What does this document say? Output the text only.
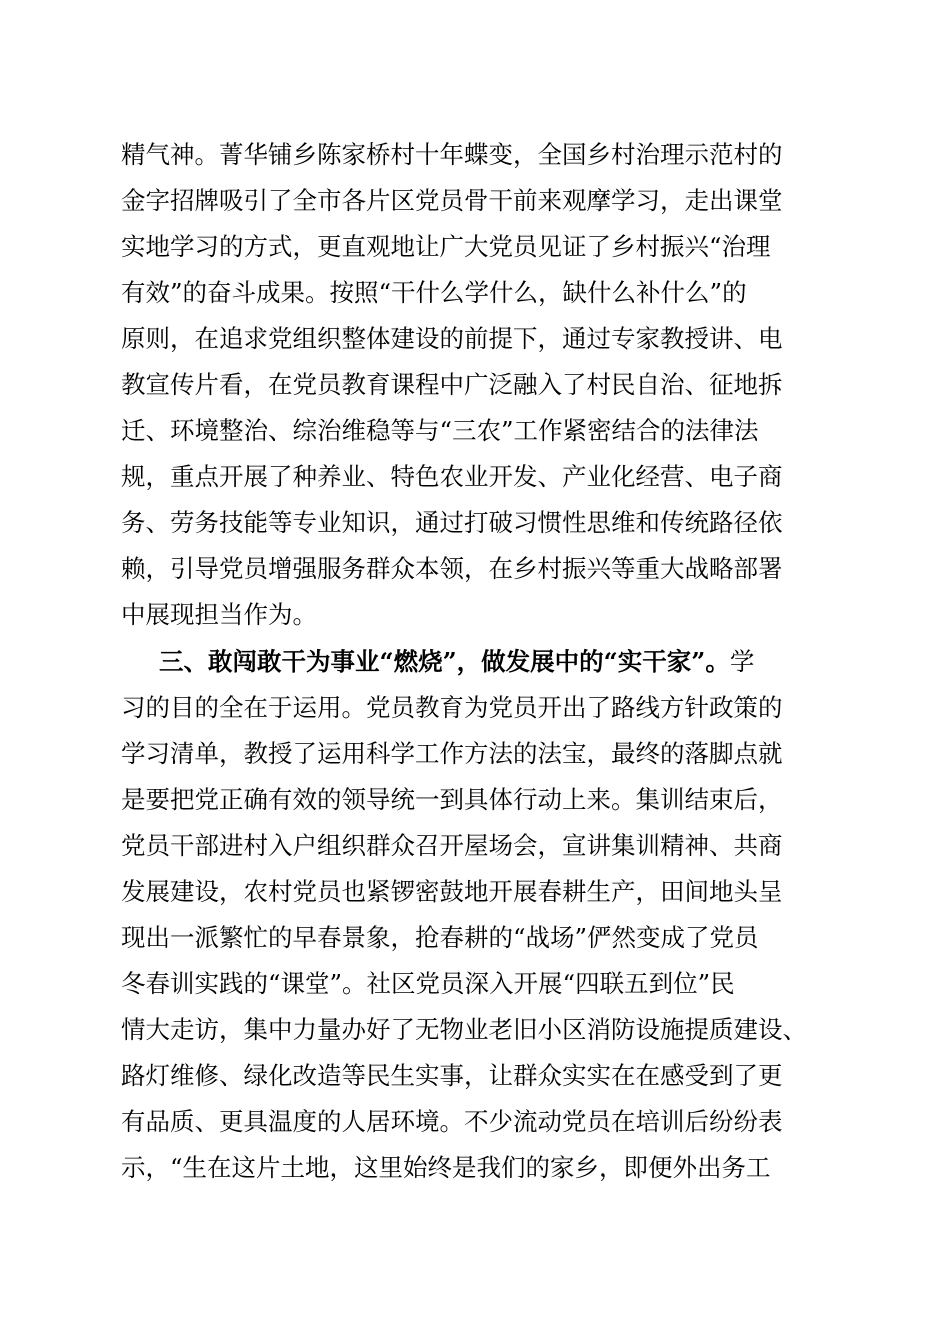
精气神。菁华铺乡陈家桥村十年蝶变，全国乡村治理示范村的
金字招牌吸引了全市各片区党员骨干前来观摩学习，走出课堂
实地学习的方式，更直观地让广大党员见证了乡村振兴“治理
有效”的奋斗成果。按照“干什么学什么，缺什么补什么”的
原则，在追求党组织整体建设的前提下，通过专家教授讲、电
教宣传片看，在党员教育课程中广泛融入了村民自治、征地拆
迁、环境整治、综治维稳等与“三农”工作紧密结合的法律法
规，重点开展了种养业、特色农业开发、产业化经营、电子商
务、劳务技能等专业知识，通过打破习惯性思维和传统路径依
赖，引导党员增强服务群众本领，在乡村振兴等重大战略部署
中展现担当作为。
三、敢闯敢干为事业“燃烧”，做发展中的“实干家”。学
习的目的全在于运用。党员教育为党员开出了路线方针政策的
学习清单，教授了运用科学工作方法的法宝，最终的落脚点就
是要把党正确有效的领导统一到具体行动上来。集训结束后，
党员干部进村入户组织群众召开屋场会，宣讲集训精神、共商
发展建设，农村党员也紧锣密鼓地开展春耕生产，田间地头呈
现出一派繁忙的早春景象，抢春耕的“战场”俨然变成了党员
冬春训实践的“课堂”。社区党员深入开展“四联五到位”民
情大走访，集中力量办好了无物业老旧小区消防设施提质建设、
路灯维修、绿化改造等民生实事，让群众实实在在感受到了更
有品质、更具温度的人居环境。不少流动党员在培训后纷纷表
示，“生在这片土地，这里始终是我们的家乡，即便外出务工
